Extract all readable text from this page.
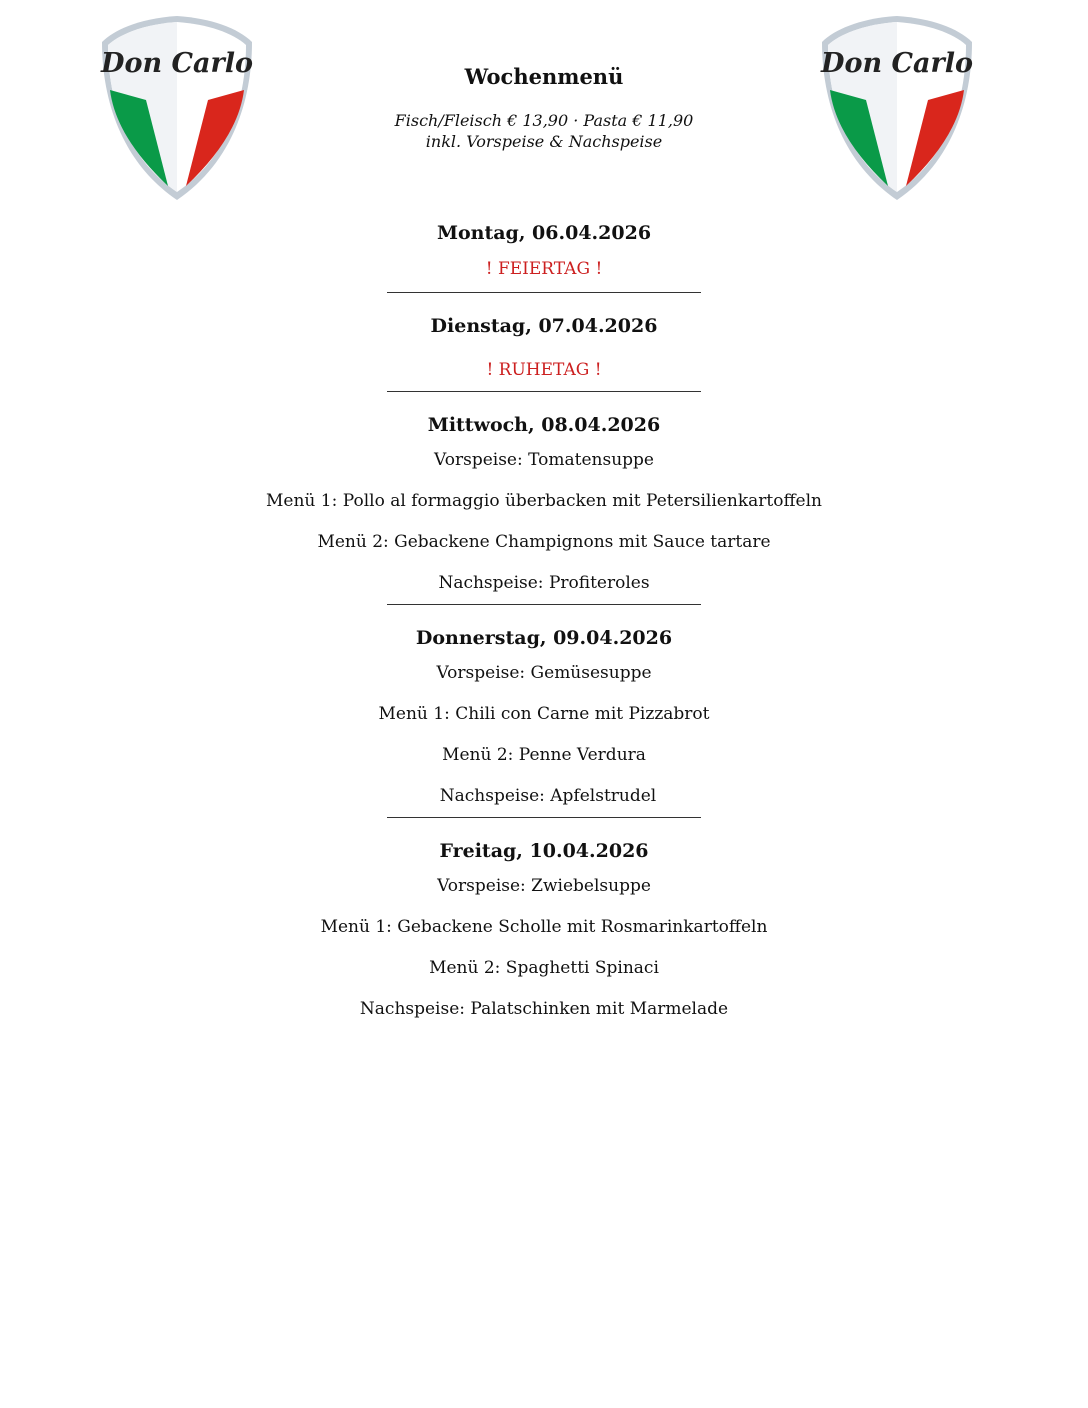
Don Carlo	Don Carlo
Wochenmenü
Fisch/Fleisch € 13,90 · Pasta € 11,90
inkl. Vorspeise & Nachspeise
Montag, 06.04.2026
! FEIERTAG !
Dienstag, 07.04.2026
! RUHETAG !
Mittwoch, 08.04.2026
Vorspeise: Tomatensuppe
Menü 1: Pollo al formaggio überbacken mit Petersilienkartoffeln
Menü 2: Gebackene Champignons mit Sauce tartare
Nachspeise: Profiteroles
Donnerstag, 09.04.2026
Vorspeise: Gemüsesuppe
Menü 1: Chili con Carne mit Pizzabrot
Menü 2: Penne Verdura
Nachspeise: Apfelstrudel
Freitag, 10.04.2026
Vorspeise: Zwiebelsuppe
Menü 1: Gebackene Scholle mit Rosmarinkartoffeln
Menü 2: Spaghetti Spinaci
Nachspeise: Palatschinken mit Marmelade
